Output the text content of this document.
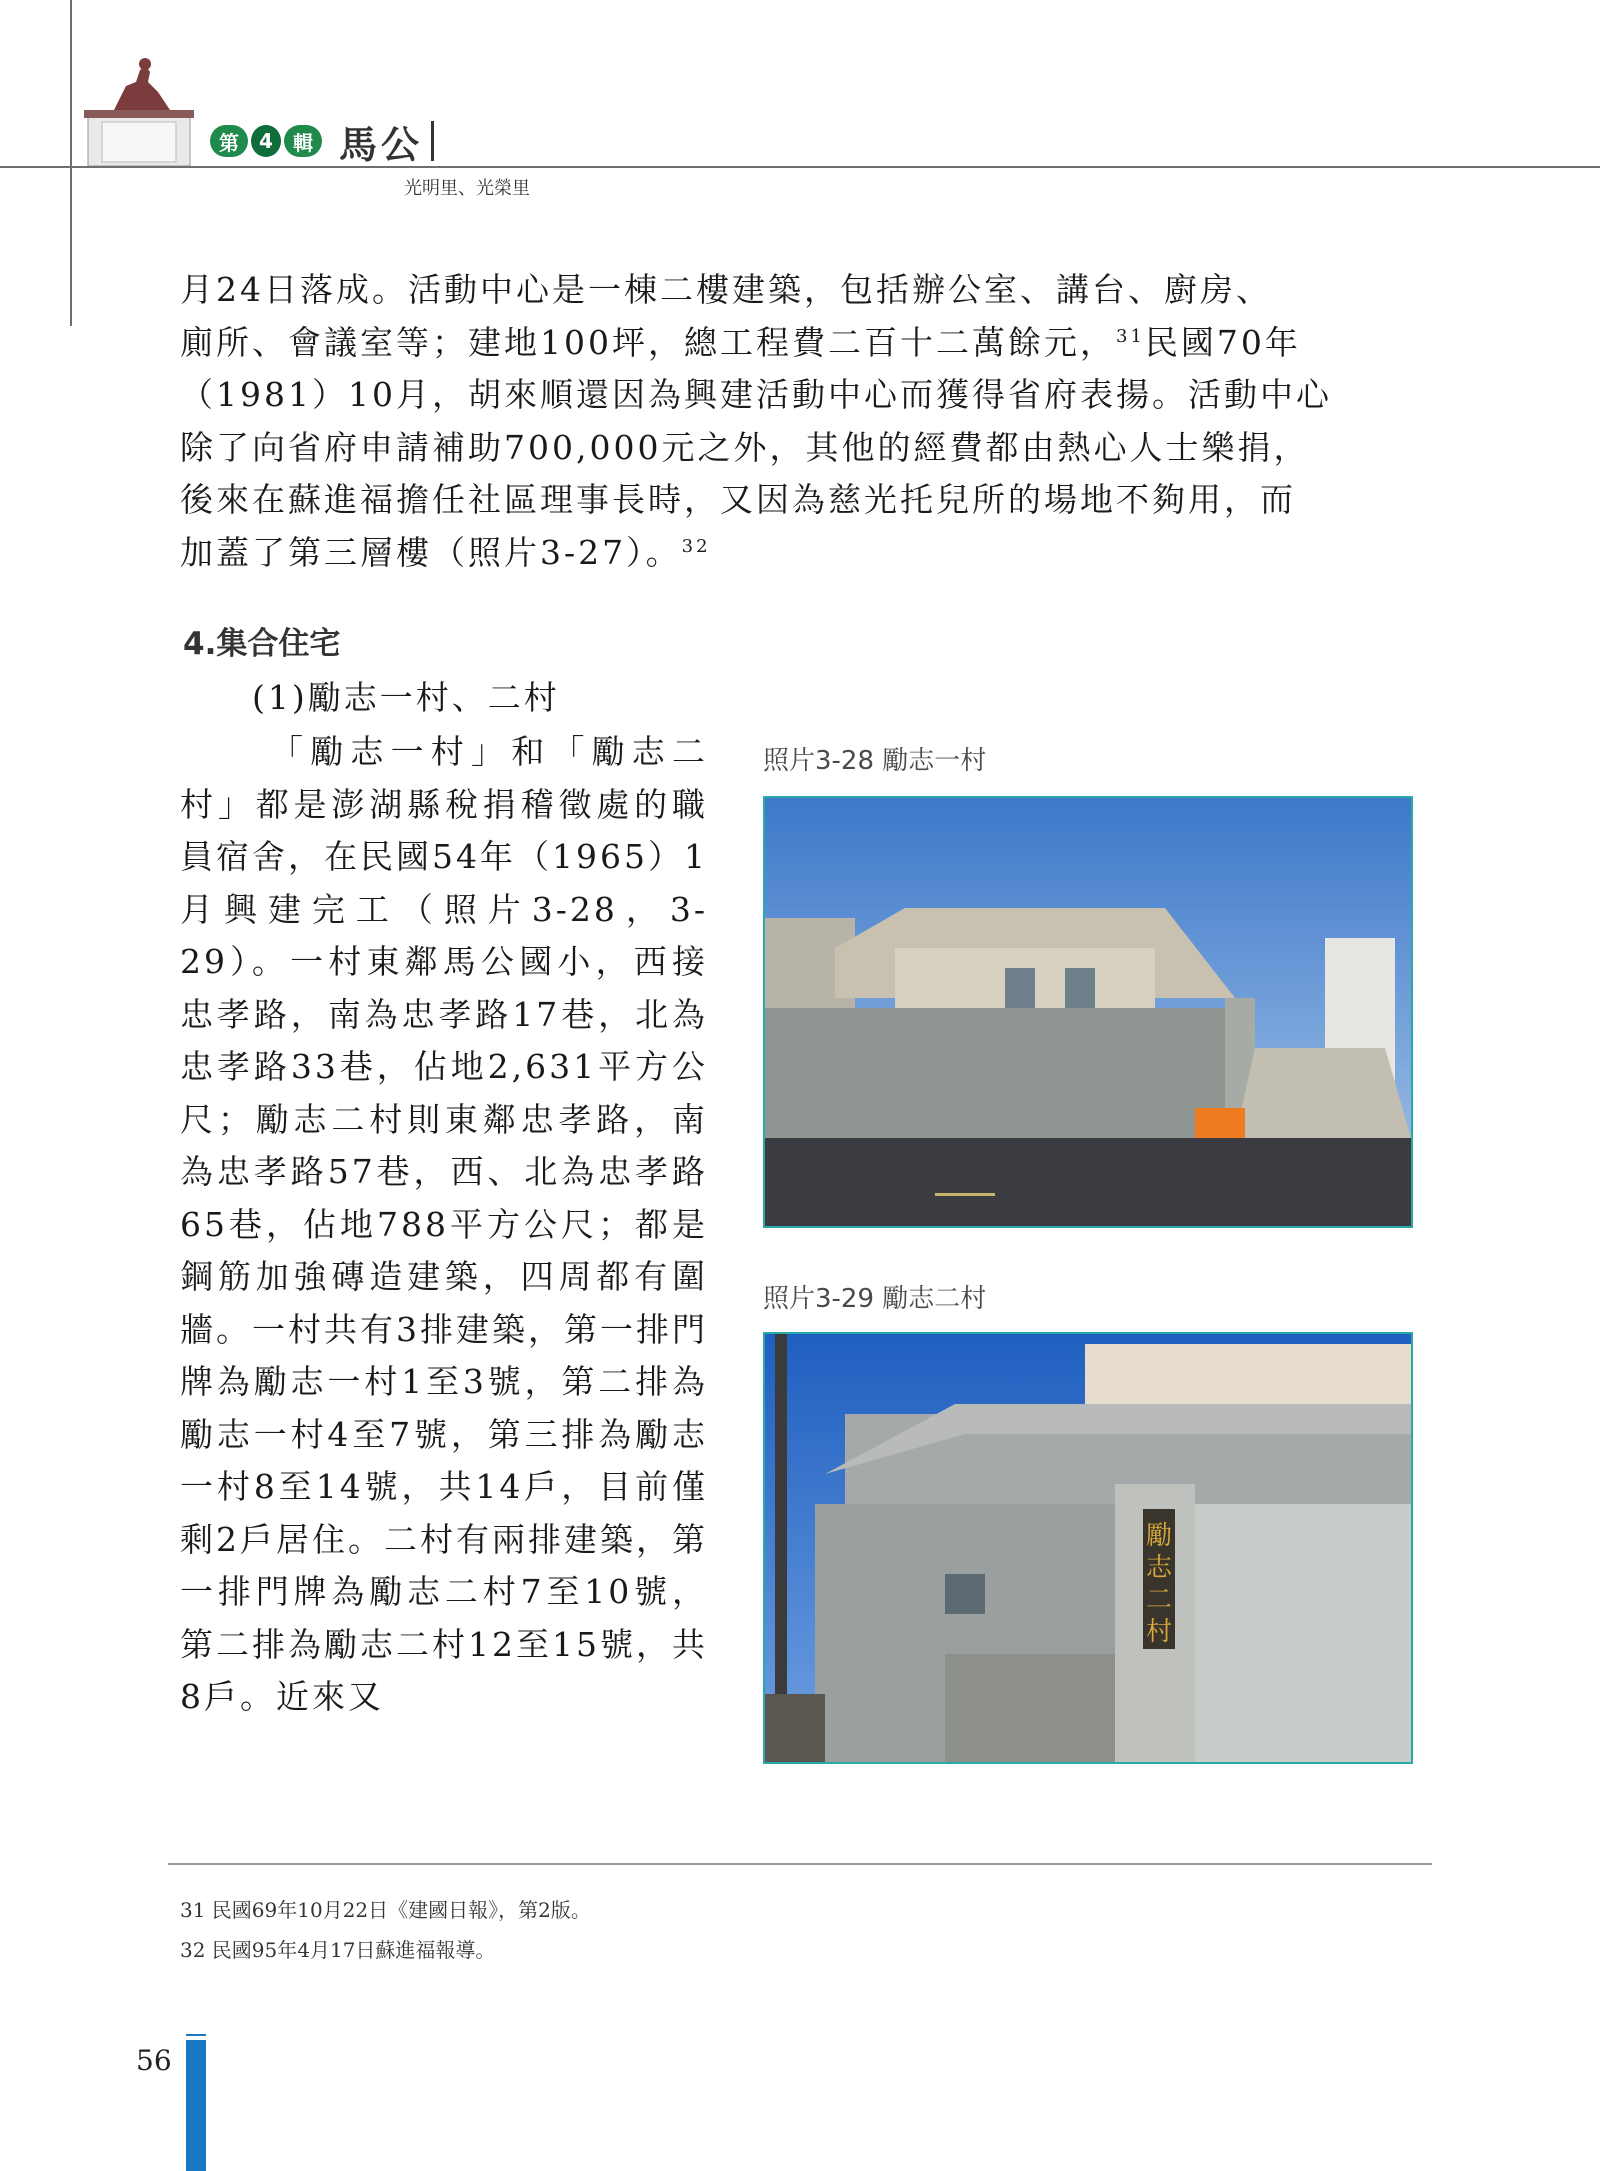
第	4	輯 馬公
光明里、光榮里
月24日落成。活動中心是一棟二樓建築，包括辦公室、講台、廚房、
廁所、會議室等；建地100坪，總工程費二百十二萬餘元，$^{31}$民國70年
（1981）10月，胡來順還因為興建活動中心而獲得省府表揚。活動中心
除了向省府申請補助700,000元之外，其他的經費都由熱心人士樂捐，
後來在蘇進福擔任社區理事長時，又因為慈光托兒所的場地不夠用，而
加蓋了第三層樓（照片3-27）。$^{32}$
4.集合住宅
(1)勵志一村、二村
「勵志一村」和「勵志二村」都是澎湖縣稅捐稽徵處的職員宿舍，在民國54年（1965）1月興建完工（照片3-28，3-29）。一村東鄰馬公國小，西接忠孝路，南為忠孝路17巷，北為忠孝路33巷，佔地2,631平方公尺；勵志二村則東鄰忠孝路，南為忠孝路57巷，西、北為忠孝路65巷，佔地788平方公尺；都是鋼筋加強磚造建築，四周都有圍牆。一村共有3排建築，第一排門牌為勵志一村1至3號，第二排為勵志一村4至7號，第三排為勵志一村8至14號，共14戶，目前僅剩2戶居住。二村有兩排建築，第一排門牌為勵志二村7至10號，第二排為勵志二村12至15號，共8戶。近來又
照片3-28 勵志一村
照片3-29 勵志二村
勵
志
二
村
31 民國69年10月22日《建國日報》，第2版。
32 民國95年4月17日蘇進福報導。
56
